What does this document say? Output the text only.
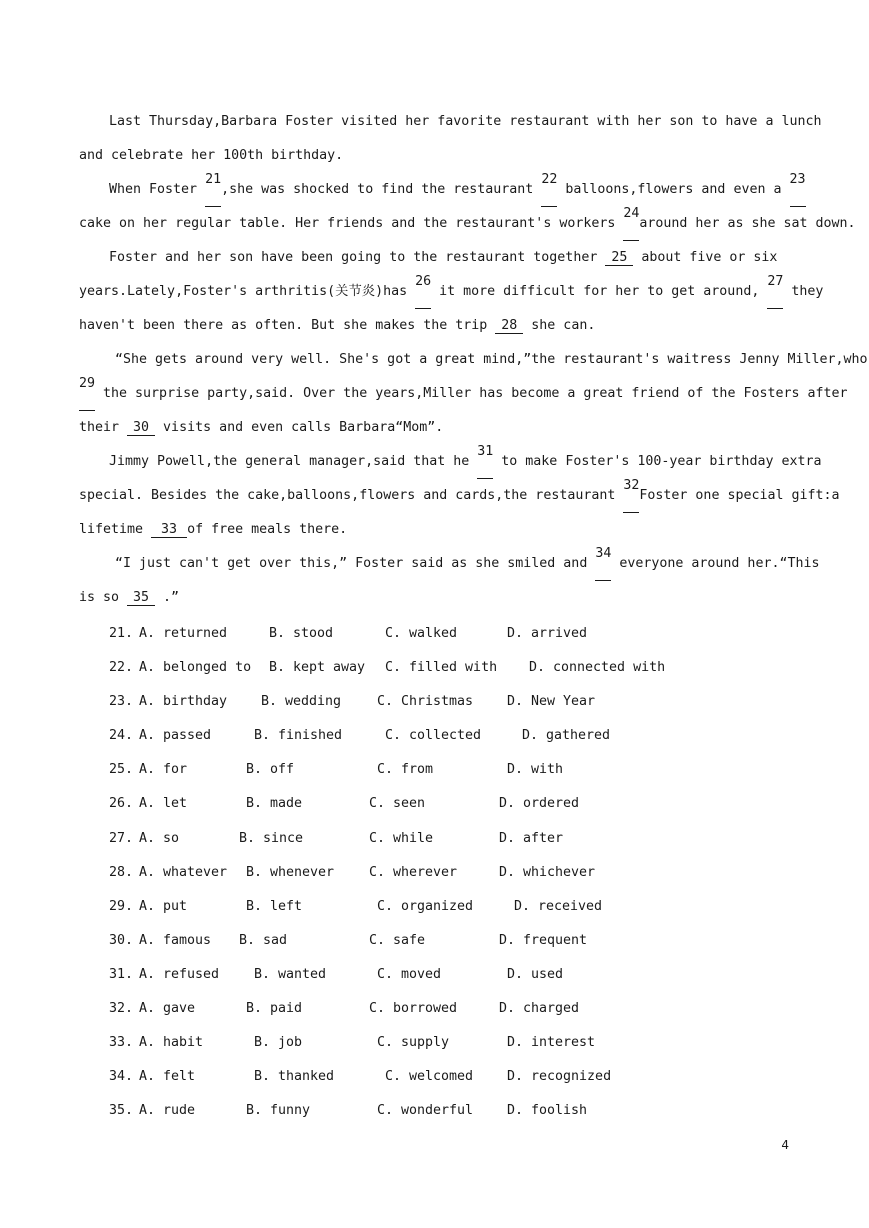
Last Thursday,Barbara Foster visited her favorite restaurant with her son to have a lunch
and celebrate her 100th birthday.
When Foster
21
,she was shocked to find the restaurant
22
balloons,flowers and even a
23
cake on her regular table. Her friends and the restaurant's workers
24
around her as she sat down.
Foster and her son have been going to the restaurant together 25 about five or six
years.Lately,Foster's arthritis(关节炎)has
26
it more difficult for her to get around,
27
they
haven't been there as often. But she makes the trip 28 she can.
“She gets around very well. She's got a great mind,”the restaurant's waitress Jenny Miller,who
29
the surprise party,said. Over the years,Miller has become a great friend of the Fosters after
their 30 visits and even calls Barbara“Mom”.
Jimmy Powell,the general manager,said that he
31
to make Foster's 100-year birthday extra
special. Besides the cake,balloons,flowers and cards,the restaurant
32
Foster one special gift:a
lifetime 33 of free meals there.
“I just can't get over this,” Foster said as she smiled and
34
everyone around her.“This
is so 35 .”
21. A. returned	B. stood	C. walked	D. arrived
22. A. belonged to B. kept away C. filled with D. connected with
23. A. birthday	B. wedding	C. Christmas	D. New Year
24. A. passed	B. finished	C. collected	D. gathered
25. A. for	B. off	C. from	D. with
26. A. let	B. made	C. seen	D. ordered
27. A. so	B. since	C. while	D. after
28. A. whatever B. whenever	C. wherever	D. whichever
29. A. put	B. left	C. organized	D. received
30. A. famous B. sad	C. safe	D. frequent
31. A. refused	B. wanted	C. moved	D. used
32. A. gave	B. paid	C. borrowed	D. charged
33. A. habit	B. job	C. supply	D. interest
34. A. felt	B. thanked	C. welcomed	D. recognized
35. A. rude	B. funny	C. wonderful	D. foolish
4
